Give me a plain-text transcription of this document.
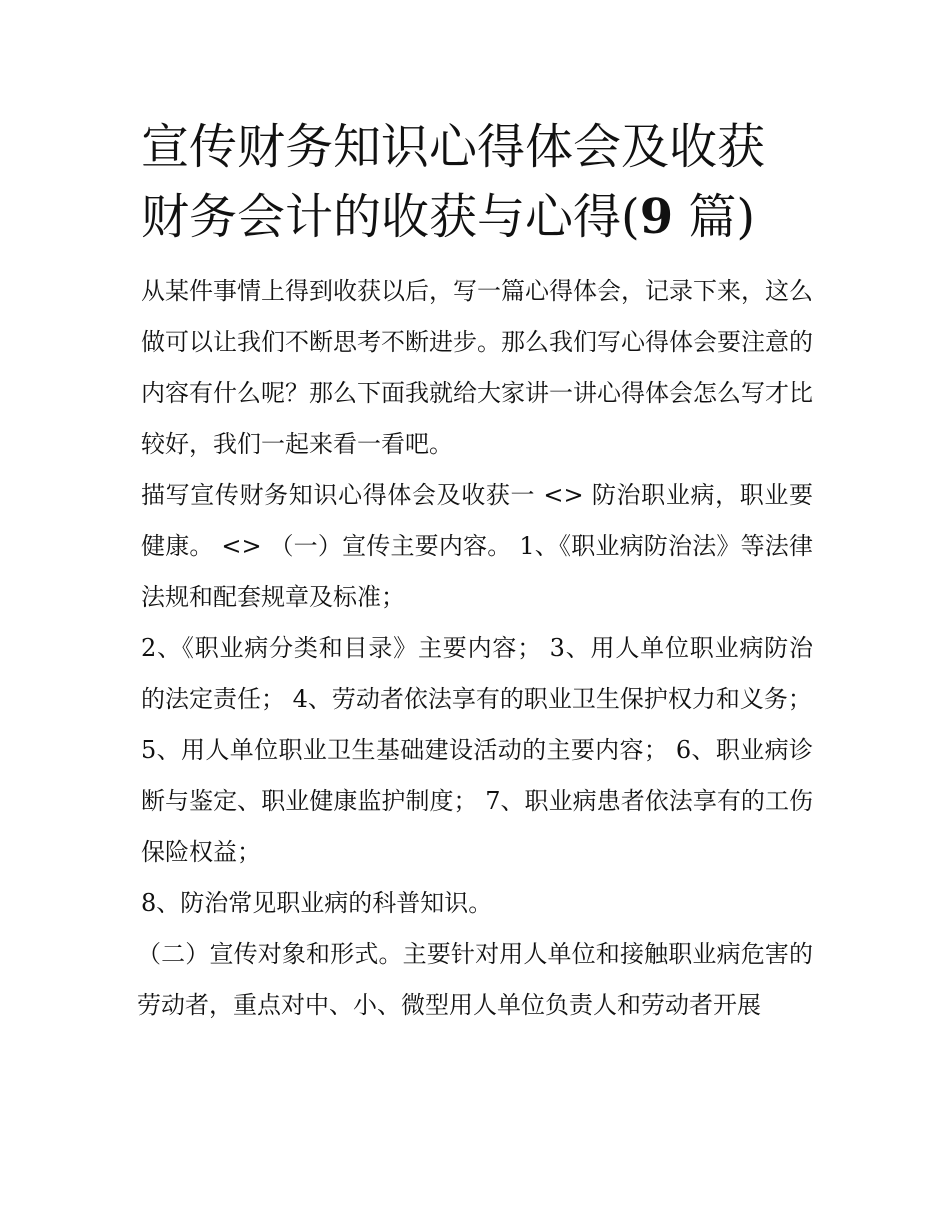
宣传财务知识心得体会及收获
财务会计的收获与心得(9 篇)

从某件事情上得到收获以后，写一篇心得体会，记录下来，这么做可以让我们不断思考不断进步。那么我们写心得体会要注意的内容有什么呢？那么下面我就给大家讲一讲心得体会怎么写才比较好，我们一起来看一看吧。

描写宣传财务知识心得体会及收获一 <> 防治职业病，职业要健康。 <> （一）宣传主要内容。 1、《职业病防治法》等法律法规和配套规章及标准；

2、《职业病分类和目录》主要内容； 3、用人单位职业病防治的法定责任； 4、劳动者依法享有的职业卫生保护权力和义务；

5、用人单位职业卫生基础建设活动的主要内容； 6、职业病诊断与鉴定、职业健康监护制度； 7、职业病患者依法享有的工伤保险权益；

8、防治常见职业病的科普知识。

（二）宣传对象和形式。主要针对用人单位和接触职业病危害的劳动者，重点对中、小、微型用人单位负责人和劳动者开展
